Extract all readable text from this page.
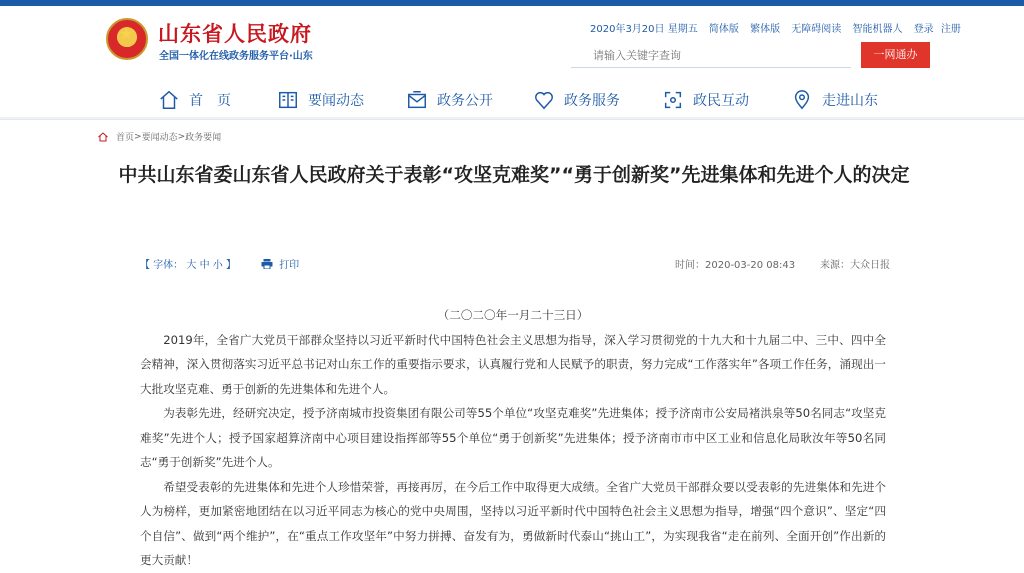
★ 山东省人民政府
全国一体化在线政务服务平台·山东
2020年3月20日 星期五 简体版 繁体版 无障碍阅读 智能机器人 登录 注册
请输入关键字查询
一网通办
首　页	要闻动态	政务公开	政务服务	政民互动	走进山东
首页 > 要闻动态 > 政务要闻
中共山东省委山东省人民政府关于表彰“攻坚克难奖”“勇于创新奖”先进集体和先进个人的决定
【 字体： 大 中 小 】	打印	时间：2020-03-20 08:43 来源：大众日报
（二〇二〇年一月二十三日）

2019年，全省广大党员干部群众坚持以习近平新时代中国特色社会主义思想为指导，深入学习贯彻党的十九大和十九届二中、三中、四中全会精神，深入贯彻落实习近平总书记对山东工作的重要指示要求，认真履行党和人民赋予的职责，努力完成“工作落实年”各项工作任务，涌现出一大批攻坚克难、勇于创新的先进集体和先进个人。

为表彰先进，经研究决定，授予济南城市投资集团有限公司等55个单位“攻坚克难奖”先进集体；授予济南市公安局褚洪泉等50名同志“攻坚克难奖”先进个人；授予国家超算济南中心项目建设指挥部等55个单位“勇于创新奖”先进集体；授予济南市市中区工业和信息化局耿汝年等50名同志“勇于创新奖”先进个人。

希望受表彰的先进集体和先进个人珍惜荣誉，再接再厉，在今后工作中取得更大成绩。全省广大党员干部群众要以受表彰的先进集体和先进个人为榜样，更加紧密地团结在以习近平同志为核心的党中央周围，坚持以习近平新时代中国特色社会主义思想为指导，增强“四个意识”、坚定“四个自信”、做到“两个维护”，在“重点工作攻坚年”中努力拼搏、奋发有为，勇做新时代泰山“挑山工”，为实现我省“走在前列、全面开创”作出新的更大贡献！
